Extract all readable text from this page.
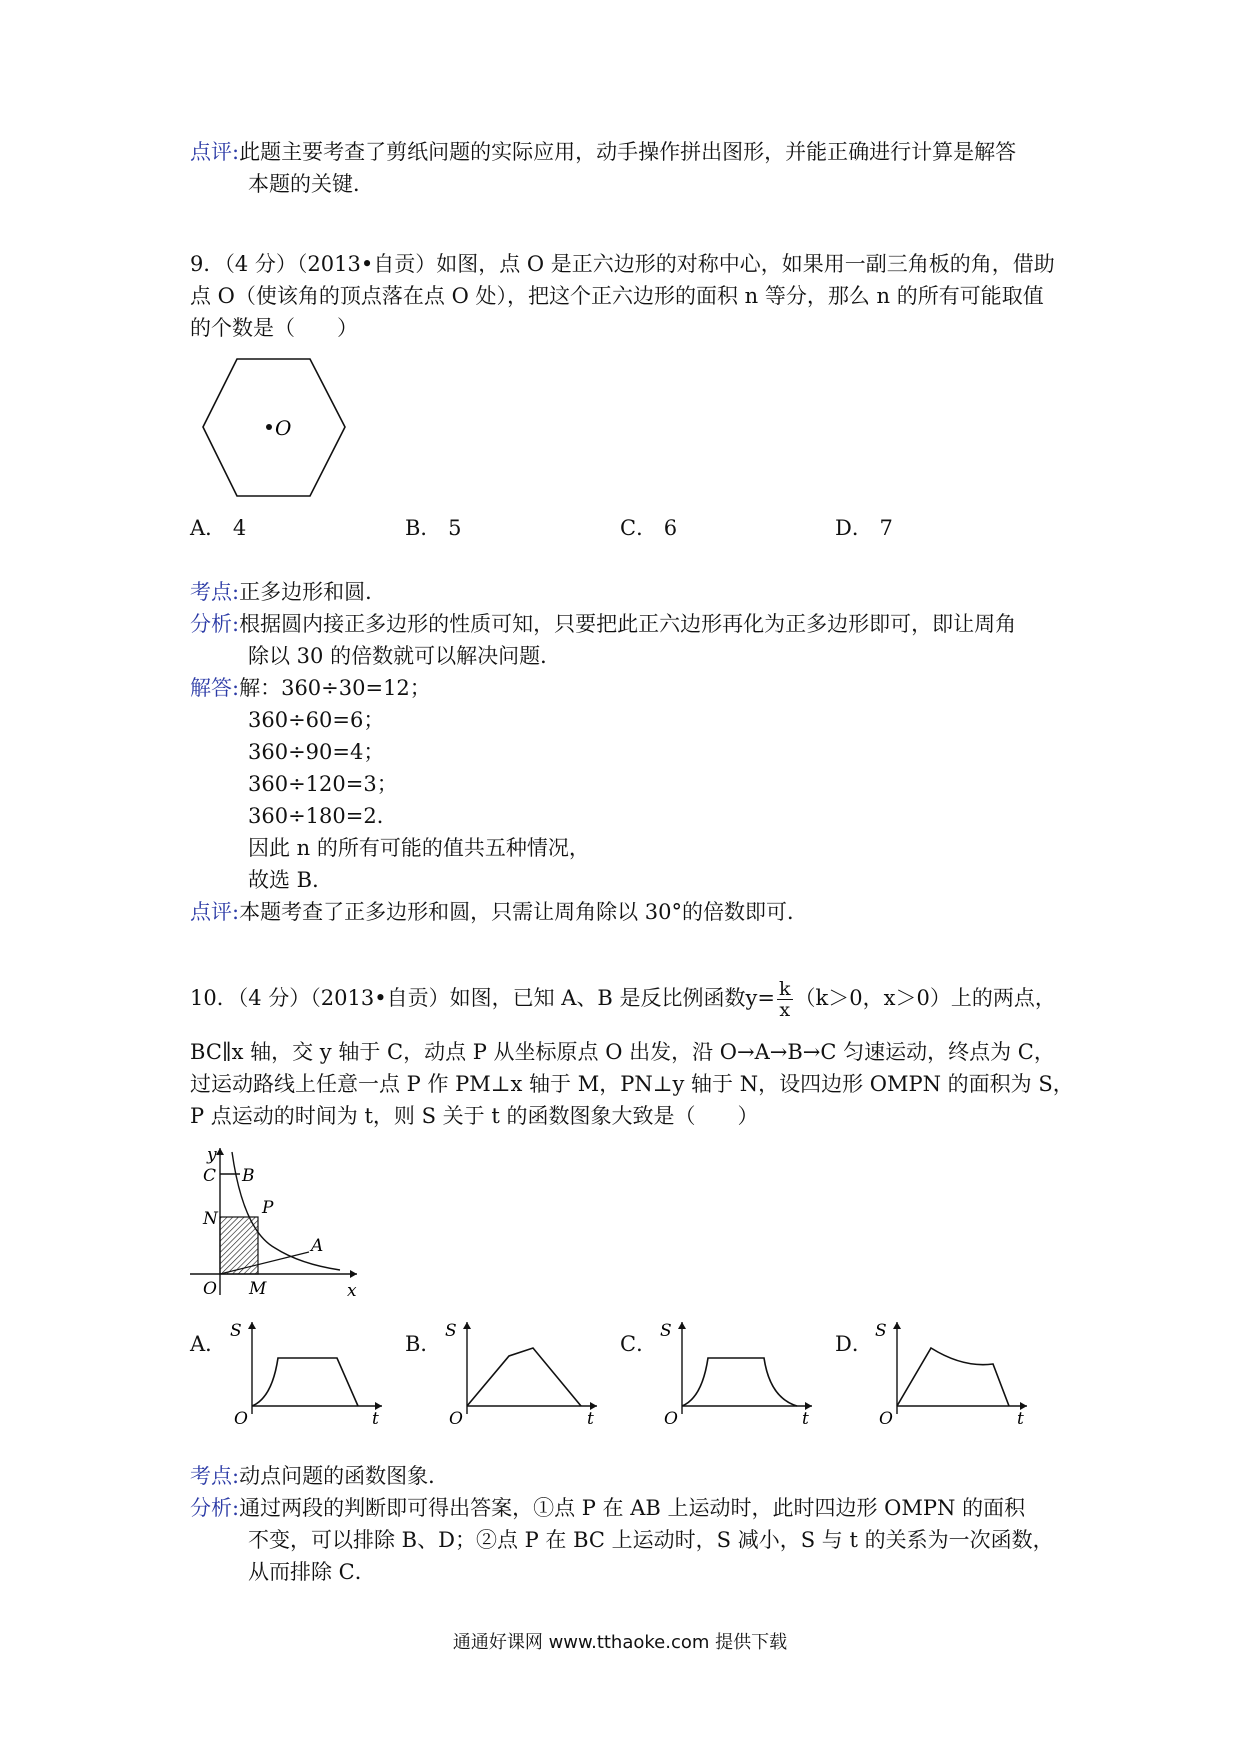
点评:此题主要考查了剪纸问题的实际应用，动手操作拼出图形，并能正确进行计算是解答
本题的关键．
9．（4 分）（2013•自贡）如图，点 O 是正六边形的对称中心，如果用一副三角板的角，借助
点 O（使该角的顶点落在点 O 处），把这个正六边形的面积 n 等分，那么 n 的所有可能取值
的个数是（　　）
O
A． 4	B． 5	C． 6	D． 7
考点:正多边形和圆．
分析:根据圆内接正多边形的性质可知，只要把此正六边形再化为正多边形即可，即让周角
除以 30 的倍数就可以解决问题．
解答:解：360÷30=12；
360÷60=6；
360÷90=4；
360÷120=3；
360÷180=2．
因此 n 的所有可能的值共五种情况，
故选 B．
点评:本题考查了正多边形和圆，只需让周角除以 30°的倍数即可．
10．（4 分）（2013•自贡）如图，已知 A、B 是反比例函数$y= \frac{k}{x} (k>0$，x＞0）上的两点，
BC∥x 轴，交 y 轴于 C，动点 P 从坐标原点 O 出发，沿 O→A→B→C 匀速运动，终点为 C，
过运动路线上任意一点 P 作 PM⊥x 轴于 M，PN⊥y 轴于 N，设四边形 OMPN 的面积为 S，
P 点运动的时间为 t，则 S 关于 t 的函数图象大致是（　　）
y
x
C B
N
P
A
O M
A．
S
O	t
B．
S
O	t
C．
S
O	t
D．
S
O	t
考点:动点问题的函数图象．
分析:通过两段的判断即可得出答案，①点 P 在 AB 上运动时，此时四边形 OMPN 的面积
不变，可以排除 B、D；②点 P 在 BC 上运动时，S 减小，S 与 t 的关系为一次函数，
从而排除 C．
通通好课网 www.tthaoke.com 提供下载
